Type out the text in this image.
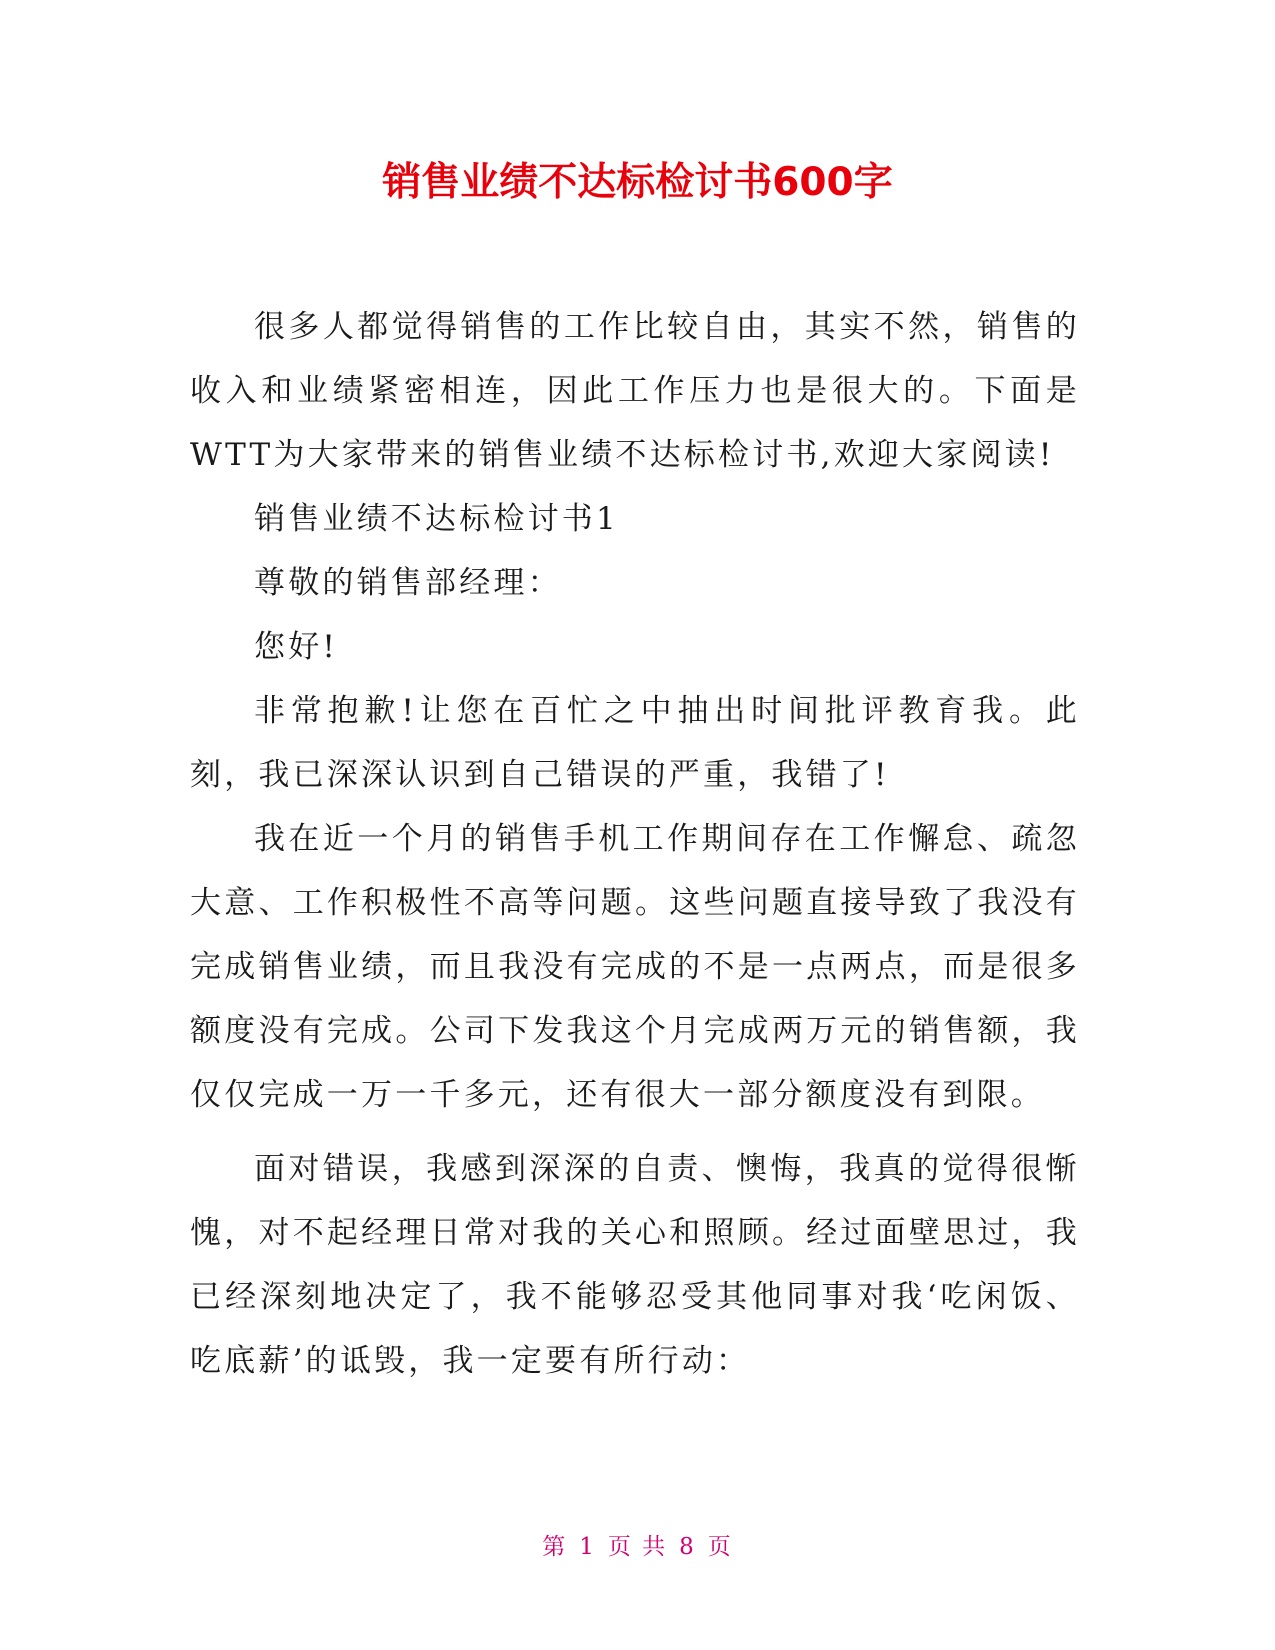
销售业绩不达标检讨书600字

很多人都觉得销售的工作比较自由，其实不然，销售的收入和业绩紧密相连，因此工作压力也是很大的。下面是WTT为大家带来的销售业绩不达标检讨书,欢迎大家阅读!

销售业绩不达标检讨书1

尊敬的销售部经理：

您好!

非常抱歉!让您在百忙之中抽出时间批评教育我。此刻，我已深深认识到自己错误的严重，我错了!

我在近一个月的销售手机工作期间存在工作懈怠、疏忽大意、工作积极性不高等问题。这些问题直接导致了我没有完成销售业绩，而且我没有完成的不是一点两点，而是很多额度没有完成。公司下发我这个月完成两万元的销售额，我仅仅完成一万一千多元，还有很大一部分额度没有到限。

面对错误，我感到深深的自责、懊悔，我真的觉得很惭愧，对不起经理日常对我的关心和照顾。经过面壁思过，我已经深刻地决定了，我不能够忍受其他同事对我‘吃闲饭、吃底薪’的诋毁，我一定要有所行动：

第 1 页 共 8 页
